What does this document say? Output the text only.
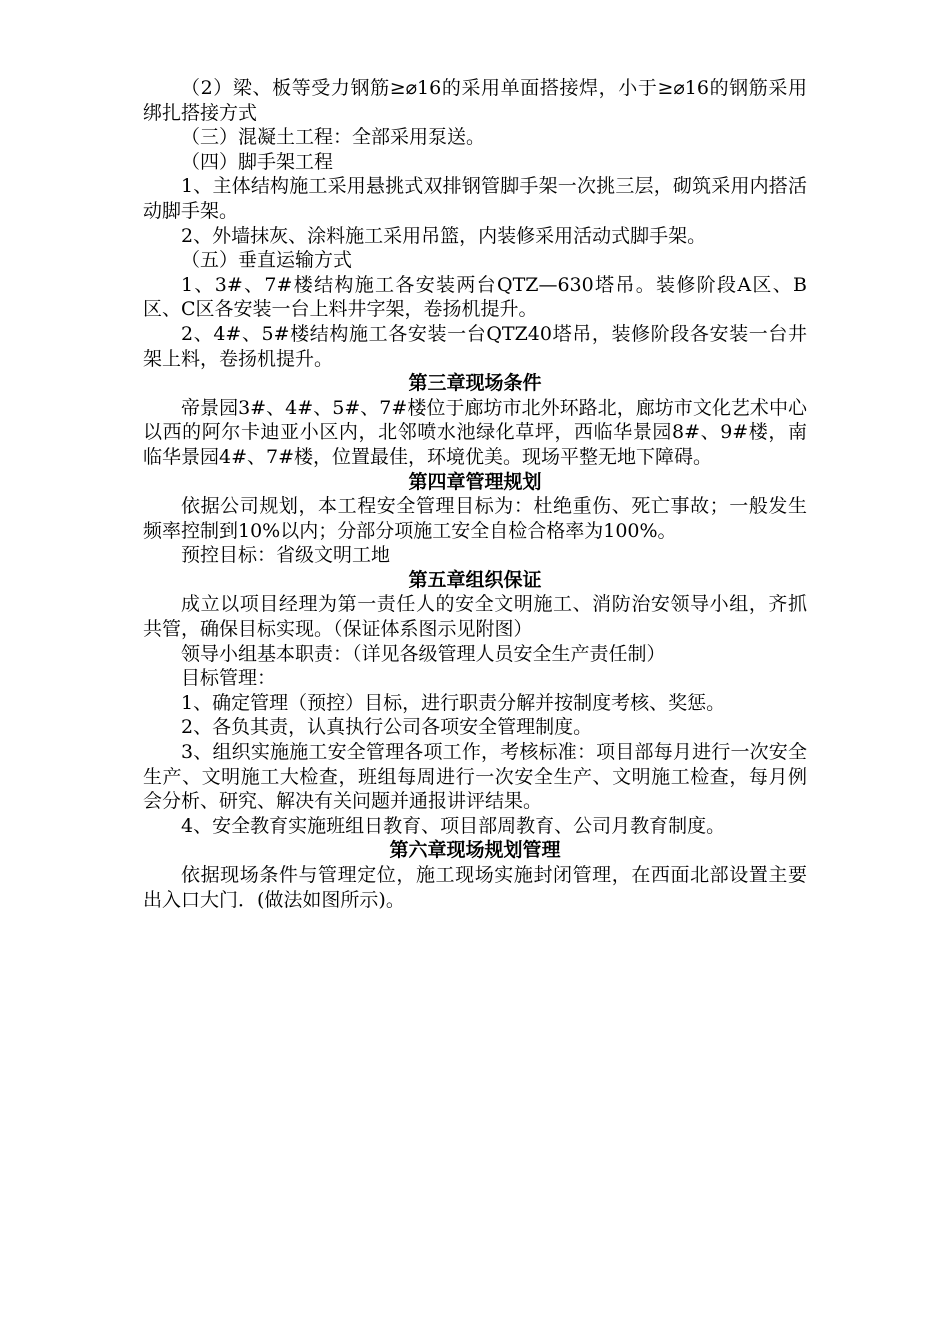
（2）梁、板等受力钢筋≥⌀16的采用单面搭接焊，小于≥⌀16的钢筋采用绑扎搭接方式

（三）混凝土工程：全部采用泵送。

（四）脚手架工程

1、主体结构施工采用悬挑式双排钢管脚手架一次挑三层，砌筑采用内搭活动脚手架。

2、外墙抹灰、涂料施工采用吊篮，内装修采用活动式脚手架。

（五）垂直运输方式

1、3#、7#楼结构施工各安装两台QTZ—630塔吊。装修阶段A区、B区、C区各安装一台上料井字架，卷扬机提升。

2、4#、5#楼结构施工各安装一台QTZ40塔吊，装修阶段各安装一台井架上料，卷扬机提升。

第三章现场条件

帝景园3#、4#、5#、7#楼位于廊坊市北外环路北，廊坊市文化艺术中心以西的阿尔卡迪亚小区内，北邻喷水池绿化草坪，西临华景园8#、9#楼，南临华景园4#、7#楼，位置最佳，环境优美。现场平整无地下障碍。

第四章管理规划

依据公司规划，本工程安全管理目标为：杜绝重伤、死亡事故；一般发生频率控制到10%以内；分部分项施工安全自检合格率为100%。

预控目标：省级文明工地

第五章组织保证

成立以项目经理为第一责任人的安全文明施工、消防治安领导小组，齐抓共管，确保目标实现。（保证体系图示见附图）

领导小组基本职责：（详见各级管理人员安全生产责任制）

目标管理：

1、确定管理（预控）目标，进行职责分解并按制度考核、奖惩。

2、各负其责，认真执行公司各项安全管理制度。

3、组织实施施工安全管理各项工作，考核标准：项目部每月进行一次安全生产、文明施工大检查，班组每周进行一次安全生产、文明施工检查，每月例会分析、研究、解决有关问题并通报讲评结果。

4、安全教育实施班组日教育、项目部周教育、公司月教育制度。

第六章现场规划管理

依据现场条件与管理定位，施工现场实施封闭管理，在西面北部设置主要出入口大门．(做法如图所示)。
